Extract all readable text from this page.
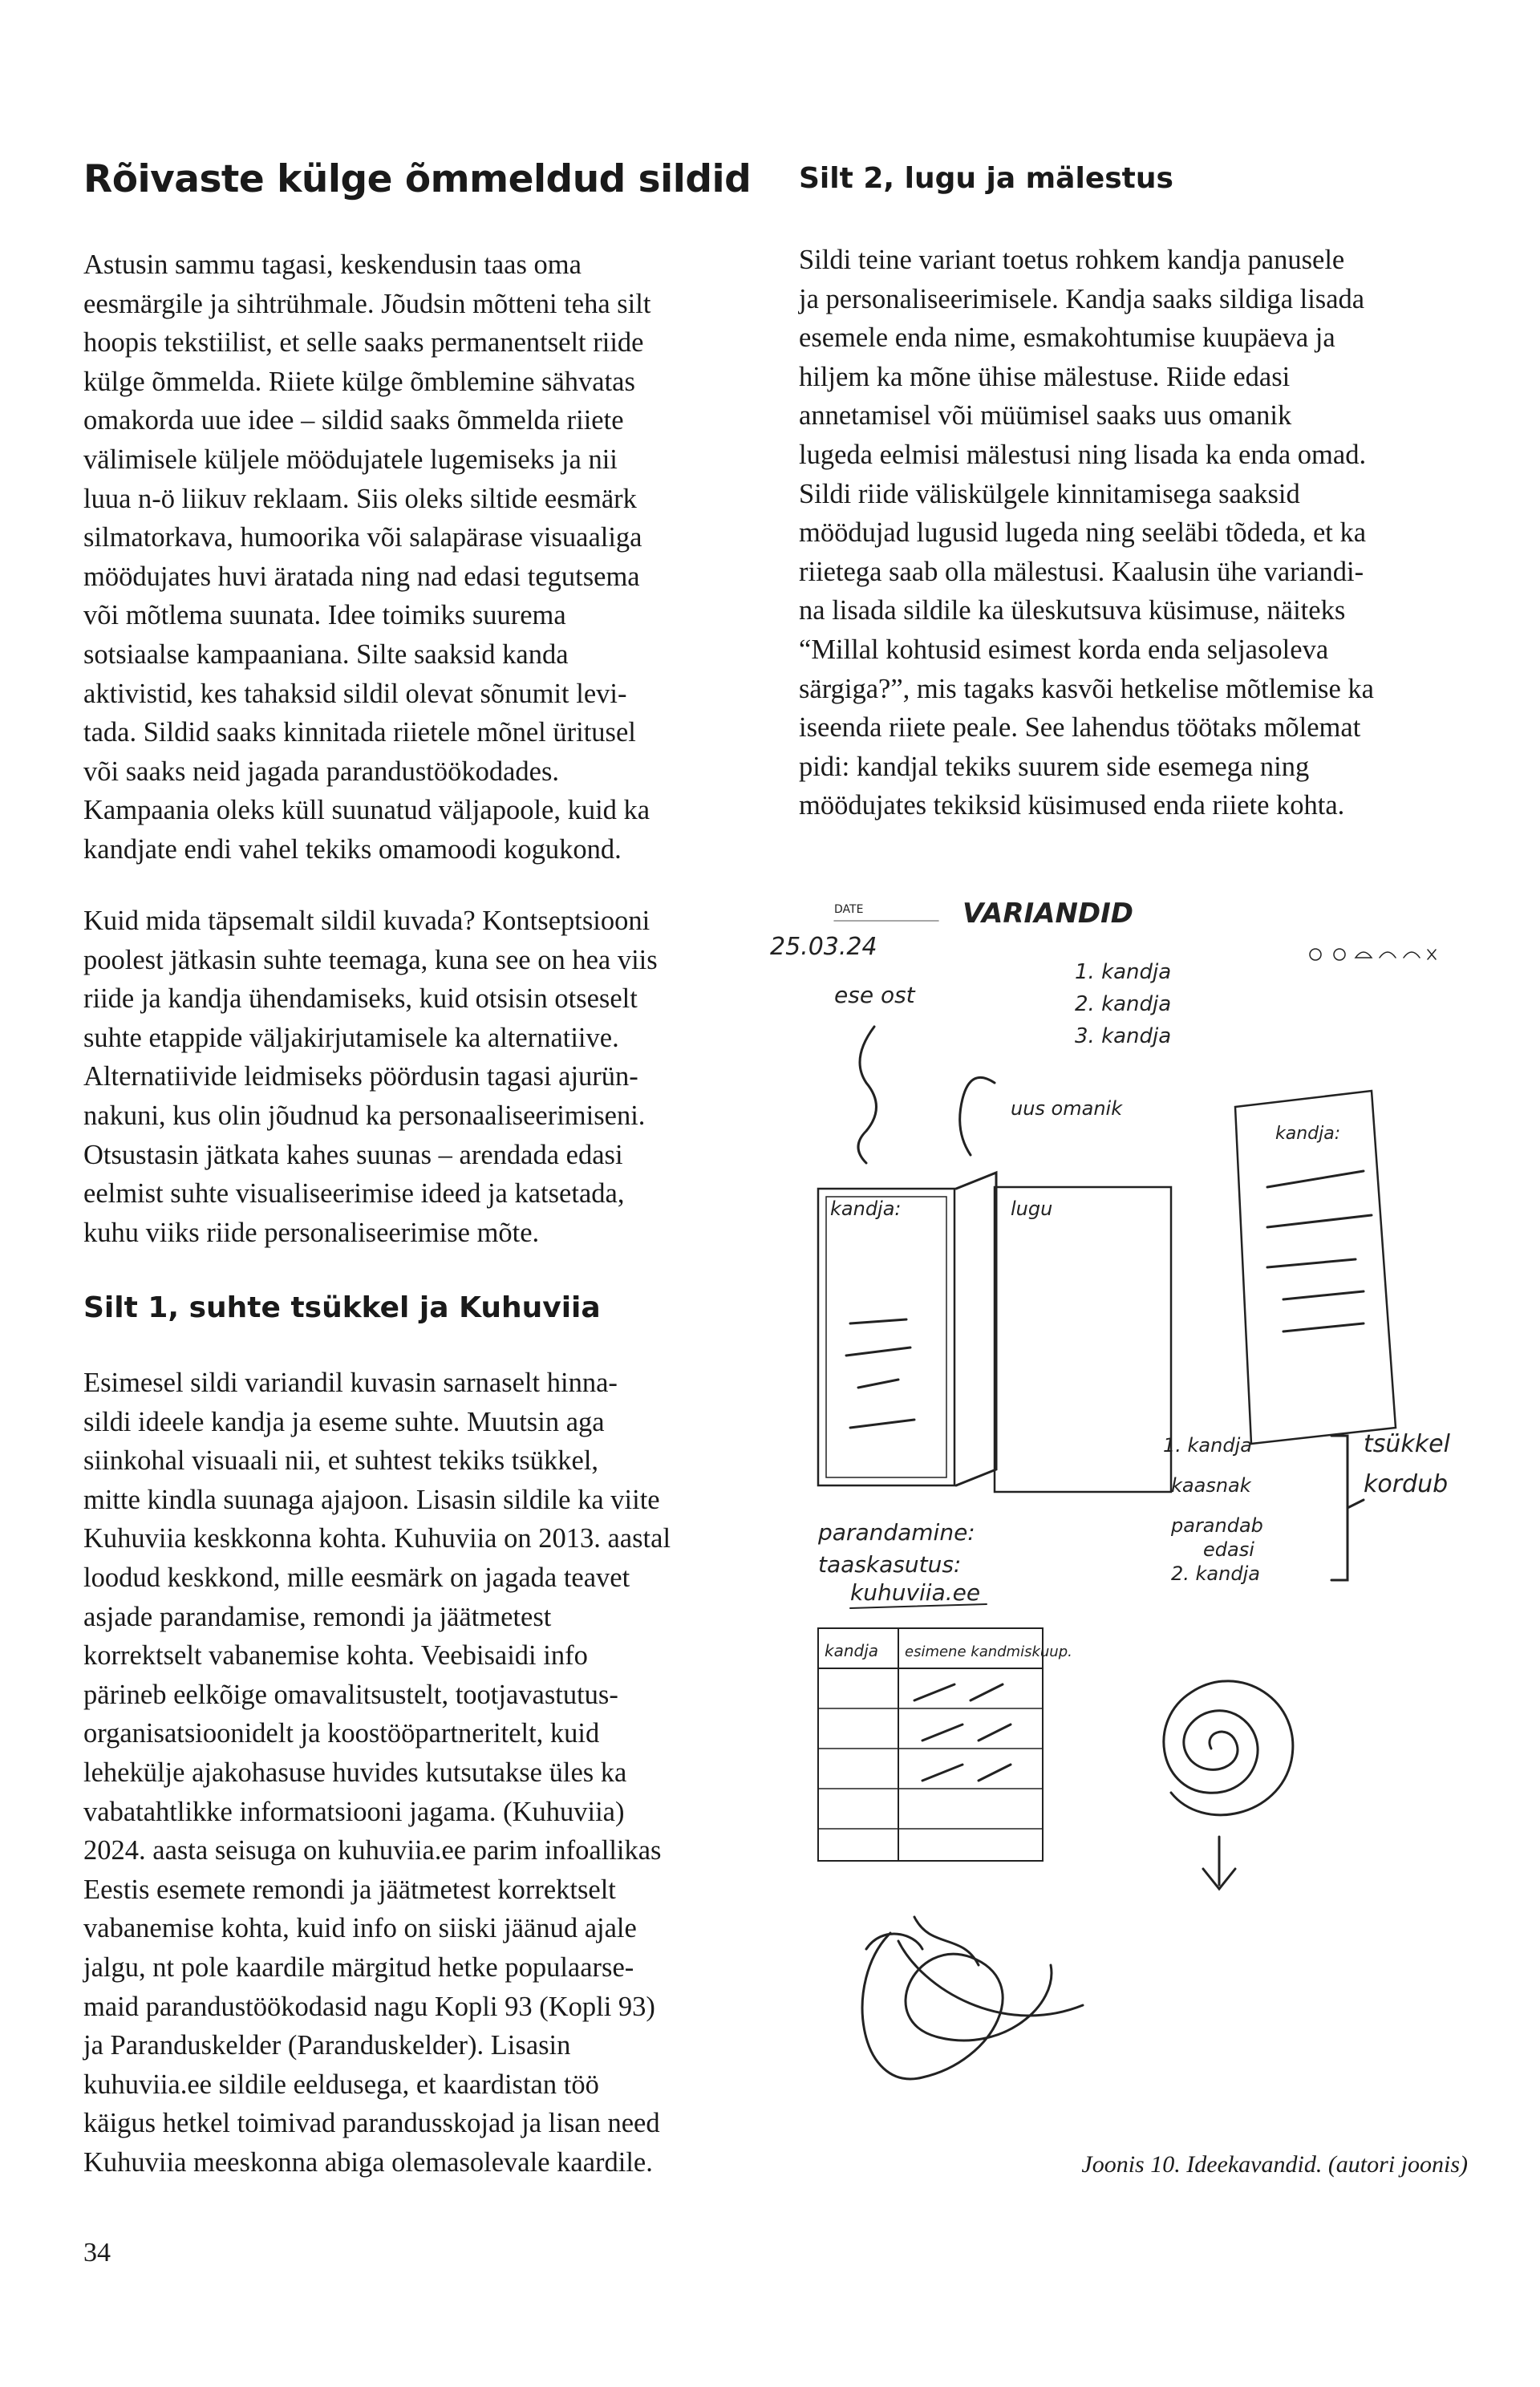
Rõivaste külge õmmeldud sildid

Astusin sammu tagasi, keskendusin taas oma
eesmärgile ja sihtrühmale. Jõudsin mõtteni teha silt
hoopis tekstiilist, et selle saaks permanentselt riide
külge õmmelda. Riiete külge õmblemine sähvatas
omakorda uue idee – sildid saaks õmmelda riiete
välimisele küljele möödujatele lugemiseks ja nii
luua n-ö liikuv reklaam. Siis oleks siltide eesmärk
silmatorkava, humoorika või salapärase visuaaliga
möödujates huvi äratada ning nad edasi tegutsema
või mõtlema suunata. Idee toimiks suurema
sotsiaalse kampaaniana. Silte saaksid kanda
aktivistid, kes tahaksid sildil olevat sõnumit levi-
tada. Sildid saaks kinnitada riietele mõnel üritusel
või saaks neid jagada parandustöökodades.
Kampaania oleks küll suunatud väljapoole, kuid ka
kandjate endi vahel tekiks omamoodi kogukond.

Kuid mida täpsemalt sildil kuvada? Kontseptsiooni
poolest jätkasin suhte teemaga, kuna see on hea viis
riide ja kandja ühendamiseks, kuid otsisin otseselt
suhte etappide väljakirjutamisele ka alternatiive.
Alternatiivide leidmiseks pöördusin tagasi ajurün-
nakuni, kus olin jõudnud ka personaaliseerimiseni.
Otsustasin jätkata kahes suunas – arendada edasi
eelmist suhte visualiseerimise ideed ja katsetada,
kuhu viiks riide personaliseerimise mõte.

Silt 1, suhte tsükkel ja Kuhuviia

Esimesel sildi variandil kuvasin sarnaselt hinna-
sildi ideele kandja ja eseme suhte. Muutsin aga
siinkohal visuaali nii, et suhtest tekiks tsükkel,
mitte kindla suunaga ajajoon. Lisasin sildile ka viite
Kuhuviia keskkonna kohta. Kuhuviia on 2013. aastal
loodud keskkond, mille eesmärk on jagada teavet
asjade parandamise, remondi ja jäätmetest
korrektselt vabanemise kohta. Veebisaidi info
pärineb eelkõige omavalitsustelt, tootjavastutus-
organisatsioonidelt ja koostööpartneritelt, kuid
lehekülje ajakohasuse huvides kutsutakse üles ka
vabatahtlikke informatsiooni jagama. (Kuhuviia)
2024. aasta seisuga on kuhuviia.ee parim infoallikas
Eestis esemete remondi ja jäätmetest korrektselt
vabanemise kohta, kuid info on siiski jäänud ajale
jalgu, nt pole kaardile märgitud hetke populaarse-
maid parandustöökodasid nagu Kopli 93 (Kopli 93)
ja Paranduskelder (Paranduskelder). Lisasin
kuhuviia.ee sildile eeldusega, et kaardistan töö
käigus hetkel toimivad parandusskojad ja lisan need
Kuhuviia meeskonna abiga olemasolevale kaardile.

Silt 2, lugu ja mälestus

Sildi teine variant toetus rohkem kandja panusele
ja personaliseerimisele. Kandja saaks sildiga lisada
esemele enda nime, esmakohtumise kuupäeva ja
hiljem ka mõne ühise mälestuse. Riide edasi
annetamisel või müümisel saaks uus omanik
lugeda eelmisi mälestusi ning lisada ka enda omad.
Sildi riide väliskülgele kinnitamisega saaksid
möödujad lugusid lugeda ning seeläbi tõdeda, et ka
riietega saab olla mälestusi. Kaalusin ühe variandi-
na lisada sildile ka üleskutsuva küsimuse, näiteks
“Millal kohtusid esimest korda enda seljasoleva
särgiga?”, mis tagaks kasvõi hetkelise mõtlemise ka
iseenda riiete peale. See lahendus töötaks mõlemat
pidi: kandjal tekiks suurem side esemega ning
möödujates tekiksid küsimused enda riiete kohta.

DATE
25.03.24
VARIANDID
ese ost
1. kandja
2. kandja
3. kandja
uus omanik
kandja:	lugu
kandja:
parandamine:
taaskasutus:
kuhuviia.ee
kandja esimene kandmiskuup.
1. kandja
kaasnak
parandab
edasi
2. kandja
tsükkel
kordub
Joonis 10. Ideekavandid. (autori joonis)
34
